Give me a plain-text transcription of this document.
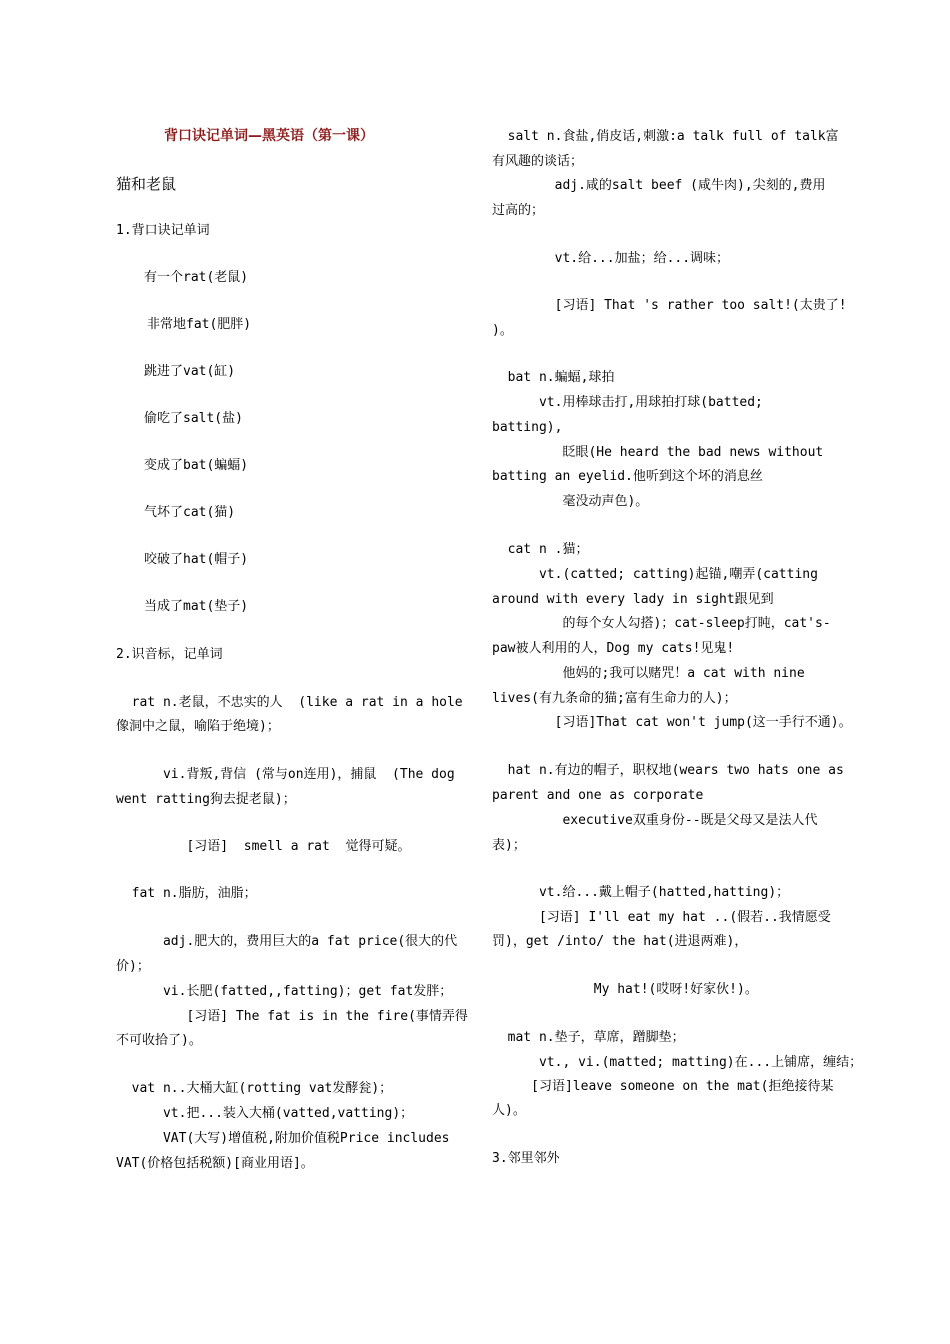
背口诀记单词—黑英语（第一课）
猫和老鼠
1.背口诀记单词
有一个rat(老鼠)
非常地fat(肥胖)
跳进了vat(缸)
偷吃了salt(盐)
变成了bat(蝙蝠)
气坏了cat(猫)
咬破了hat(帽子)
当成了mat(垫子)
2.识音标，记单词
rat n.老鼠，不忠实的人  (like a rat in a hole
像洞中之鼠，喻陷于绝境)；
vi.背叛,背信 (常与on连用)，捕鼠  (The dog
went ratting狗去捉老鼠)；
[习语]  smell a rat  觉得可疑。
fat n.脂肪，油脂；
adj.肥大的，费用巨大的a fat price(很大的代
价)；
vi.长肥(fatted,,fatting)；get fat发胖；
[习语] The fat is in the fire(事情弄得
不可收拾了)。
vat n..大桶大缸(rotting vat发酵瓮)；
vt.把...装入大桶(vatted,vatting)；
VAT(大写)增值税,附加价值税Price includes
VAT(价格包括税额)[商业用语]。
salt n.食盐,俏皮话,刺激:a talk full of talk富
有风趣的谈话；
adj.咸的salt beef (咸牛肉),尖刻的,费用
过高的；
vt.给...加盐；给...调味；
[习语] That 's rather too salt!(太贵了!
)。
bat n.蝙蝠,球拍
vt.用棒球击打,用球拍打球(batted;
batting),
眨眼(He heard the bad news without
batting an eyelid.他听到这个坏的消息丝
毫没动声色)。
cat n .猫；
vt.(catted; catting)起锚,嘲弄(catting
around with every lady in sight跟见到
的每个女人勾搭)；cat-sleep打盹，cat's-
paw被人利用的人，Dog my cats!见鬼!
他妈的;我可以赌咒！a cat with nine
lives(有九条命的猫;富有生命力的人)；
[习语]That cat won't jump(这一手行不通)。
hat n.有边的帽子，职权地(wears two hats one as
parent and one as corporate
executive双重身份--既是父母又是法人代
表)；
vt.给...戴上帽子(hatted,hatting)；
[习语] I'll eat my hat ..(假若..我情愿受
罚)，get /into/ the hat(进退两难)，
My hat!(哎呀!好家伙!)。
mat n.垫子，草席，蹭脚垫；
vt., vi.(matted; matting)在...上铺席，缠结；
[习语]leave someone on the mat(拒绝接待某
人)。
3.邻里邻外
